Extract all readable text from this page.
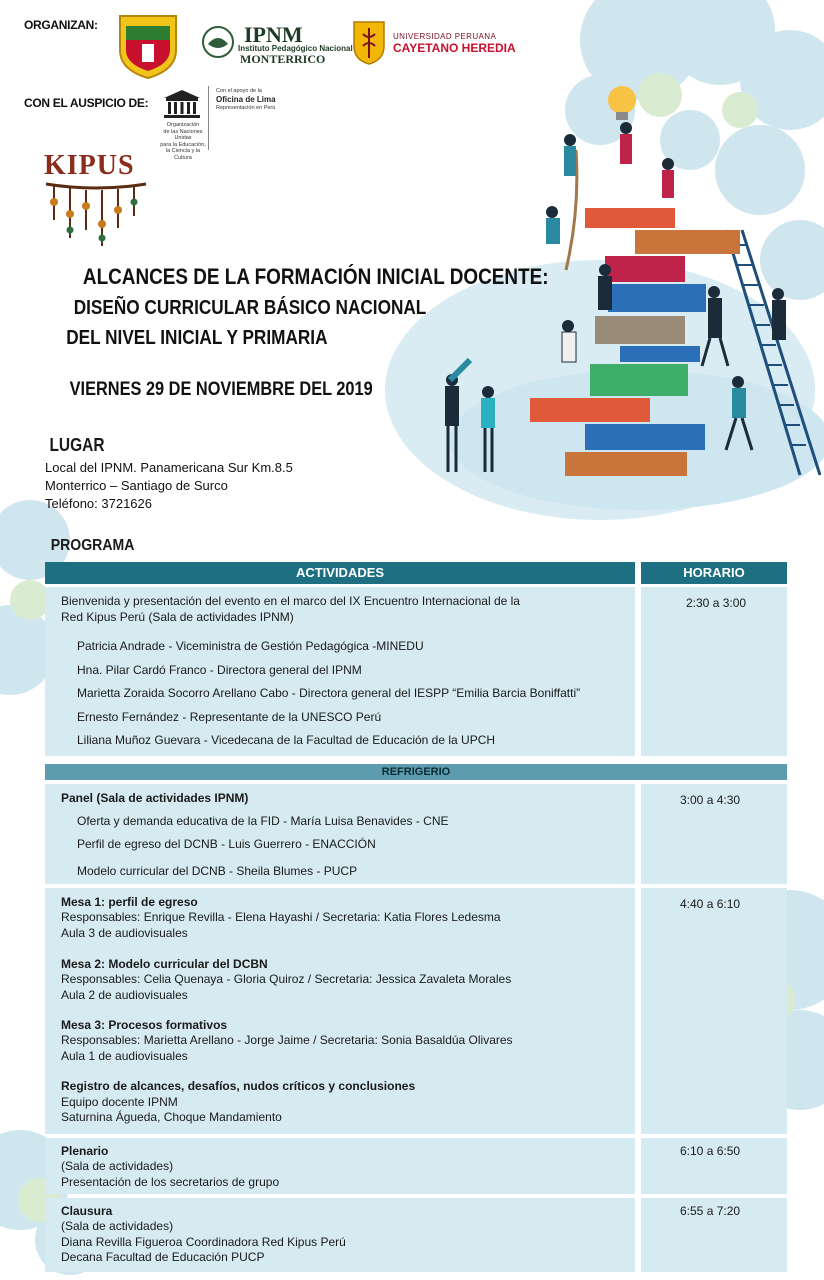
ORGANIZAN:	IPNM
Instituto Pedagógico Nacional
MONTERRICO
UNIVERSIDAD PERUANA
CAYETANO HEREDIA
CON EL AUSPICIO DE:
Organización
de las Naciones Unidas
para la Educación,
la Ciencia y la Cultura
Con el apoyo de la
Oficina de Lima
Representación en Perú
KIPUS
ALCANCES DE LA FORMACIÓN INICIAL DOCENTE:
DISEÑO CURRICULAR BÁSICO NACIONAL
DEL NIVEL INICIAL Y PRIMARIA
VIERNES 29 DE NOVIEMBRE DEL 2019
LUGAR
Local del IPNM. Panamericana Sur Km.8.5
Monterrico – Santiago de Surco
Teléfono: 3721626
PROGRAMA
ACTIVIDADES	HORARIO
Bienvenida y presentación del evento en el marco del IX Encuentro Internacional de la
Red Kipus Perú (Sala de actividades IPNM)
Patricia Andrade - Viceministra de Gestión Pedagógica -MINEDU
Hna. Pilar Cardó Franco - Directora general del IPNM
Marietta Zoraida Socorro Arellano Cabo - Directora general del IESPP “Emilia Barcia Boniffatti”
Ernesto Fernández - Representante de la UNESCO Perú
Liliana Muñoz Guevara - Vicedecana de la Facultad de Educación de la UPCH
2:30 a 3:00
REFRIGERIO
Panel (Sala de actividades IPNM)
Oferta y demanda educativa de la FID - María Luisa Benavides - CNE
Perfil de egreso del DCNB - Luis Guerrero - ENACCIÓN
Modelo curricular del DCNB - Sheila Blumes - PUCP
3:00 a 4:30
Mesa 1: perfil de egreso
Responsables: Enrique Revilla - Elena Hayashi / Secretaria: Katia Flores Ledesma
Aula 3 de audiovisuales
Mesa 2: Modelo curricular del DCBN
Responsables: Celia Quenaya - Gloria Quiroz / Secretaria: Jessica Zavaleta Morales
Aula 2 de audiovisuales
Mesa 3: Procesos formativos
Responsables: Marietta Arellano - Jorge Jaime / Secretaria: Sonia Basaldúa Olivares
Aula 1 de audiovisuales
Registro de alcances, desafíos, nudos críticos y conclusiones
Equipo docente IPNM
Saturnina Águeda, Choque Mandamiento
4:40 a 6:10
Plenario
(Sala de actividades)
Presentación de los secretarios de grupo
6:10 a 6:50
Clausura
(Sala de actividades)
Diana Revilla Figueroa Coordinadora Red Kipus Perú
Decana Facultad de Educación PUCP
6:55 a 7:20
